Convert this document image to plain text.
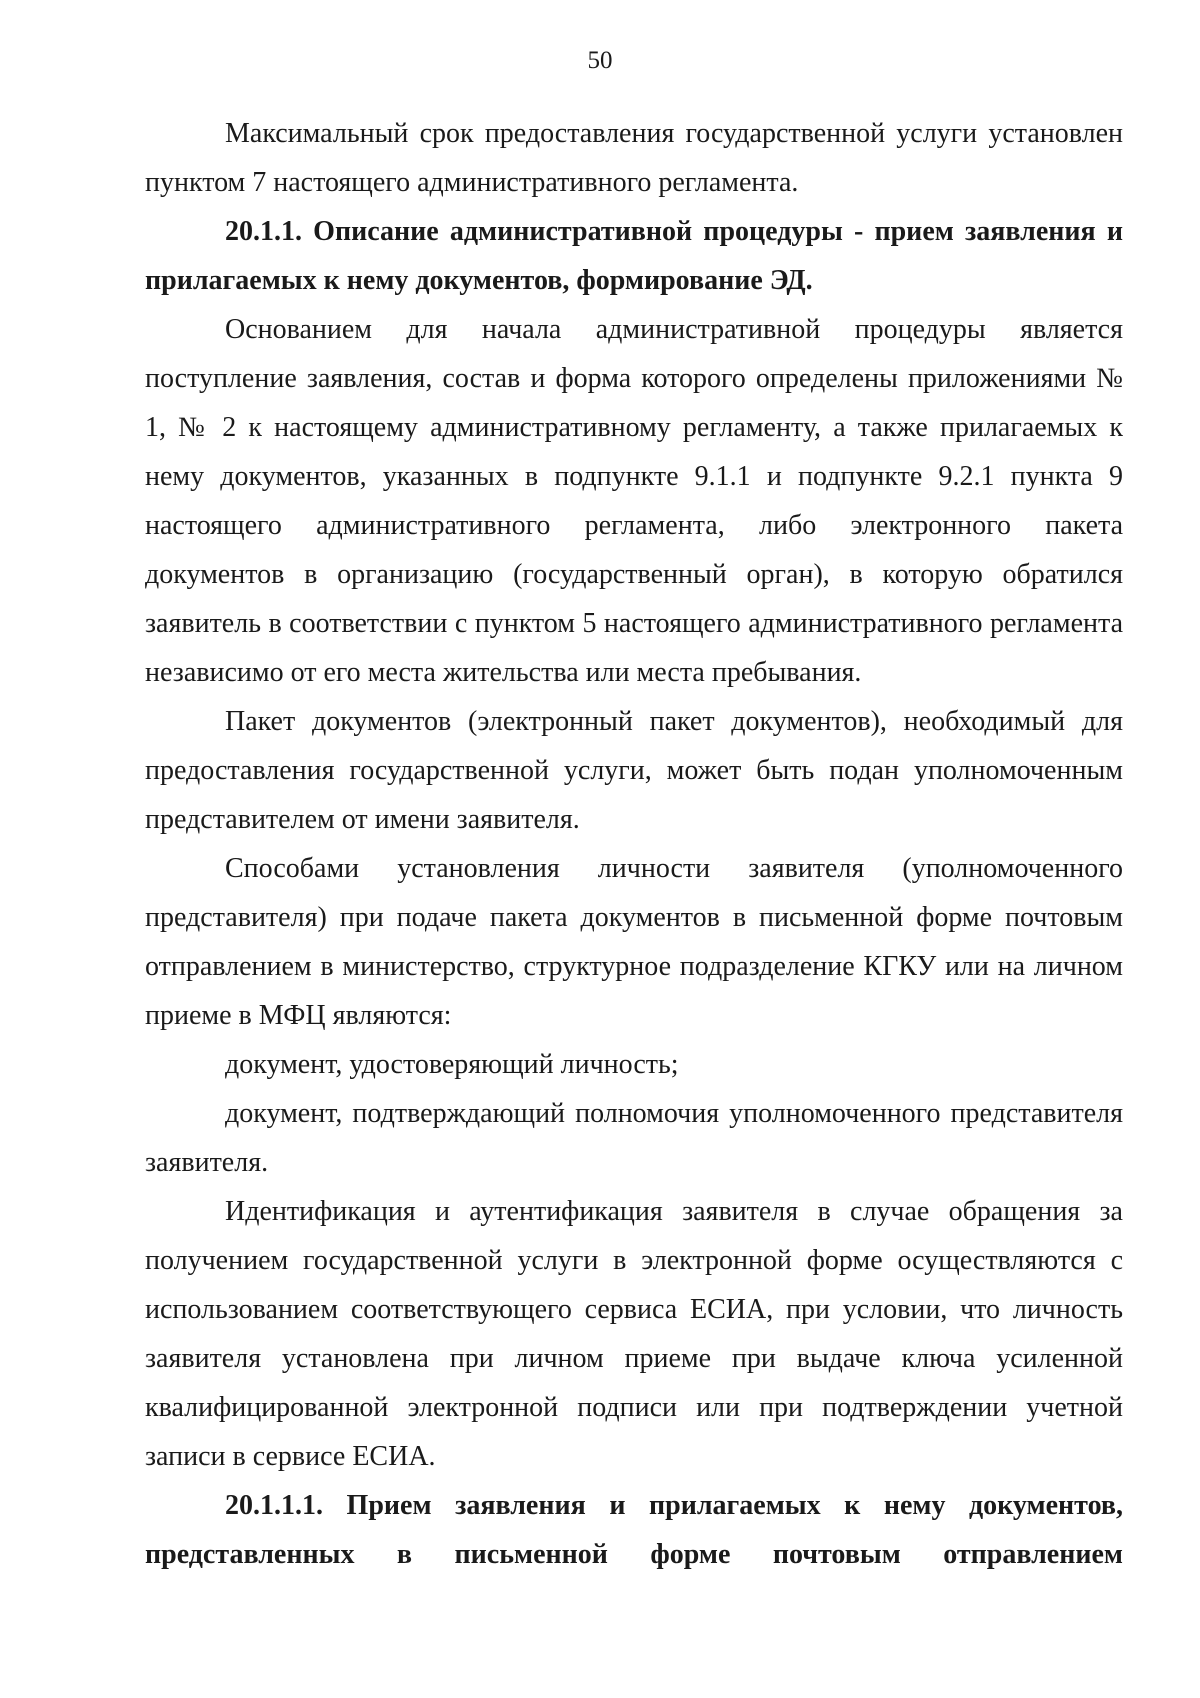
50

Максимальный срок предоставления государственной услуги установлен пунктом 7 настоящего административного регламента.

20.1.1. Описание административной процедуры - прием заявления и прилагаемых к нему документов, формирование ЭД.

Основанием для начала административной процедуры является поступление заявления, состав и форма которого определены приложениями № 1, № 2 к настоящему административному регламенту, а также прилагаемых к нему документов, указанных в подпункте 9.1.1 и подпункте 9.2.1 пункта 9 настоящего административного регламента, либо электронного пакета документов в организацию (государственный орган), в которую обратился заявитель в соответствии с пунктом 5 настоящего административного регламента независимо от его места жительства или места пребывания.

Пакет документов (электронный пакет документов), необходимый для предоставления государственной услуги, может быть подан уполномоченным представителем от имени заявителя.

Способами установления личности заявителя (уполномоченного представителя) при подаче пакета документов в письменной форме почтовым отправлением в министерство, структурное подразделение КГКУ или на личном приеме в МФЦ являются:

документ, удостоверяющий личность;

документ, подтверждающий полномочия уполномоченного представителя заявителя.

Идентификация и аутентификация заявителя в случае обращения за получением государственной услуги в электронной форме осуществляются с использованием соответствующего сервиса ЕСИА, при условии, что личность заявителя установлена при личном приеме при выдаче ключа усиленной квалифицированной электронной подписи или при подтверждении учетной записи в сервисе ЕСИА.

20.1.1.1. Прием заявления и прилагаемых к нему документов, представленных в письменной форме почтовым отправлением
